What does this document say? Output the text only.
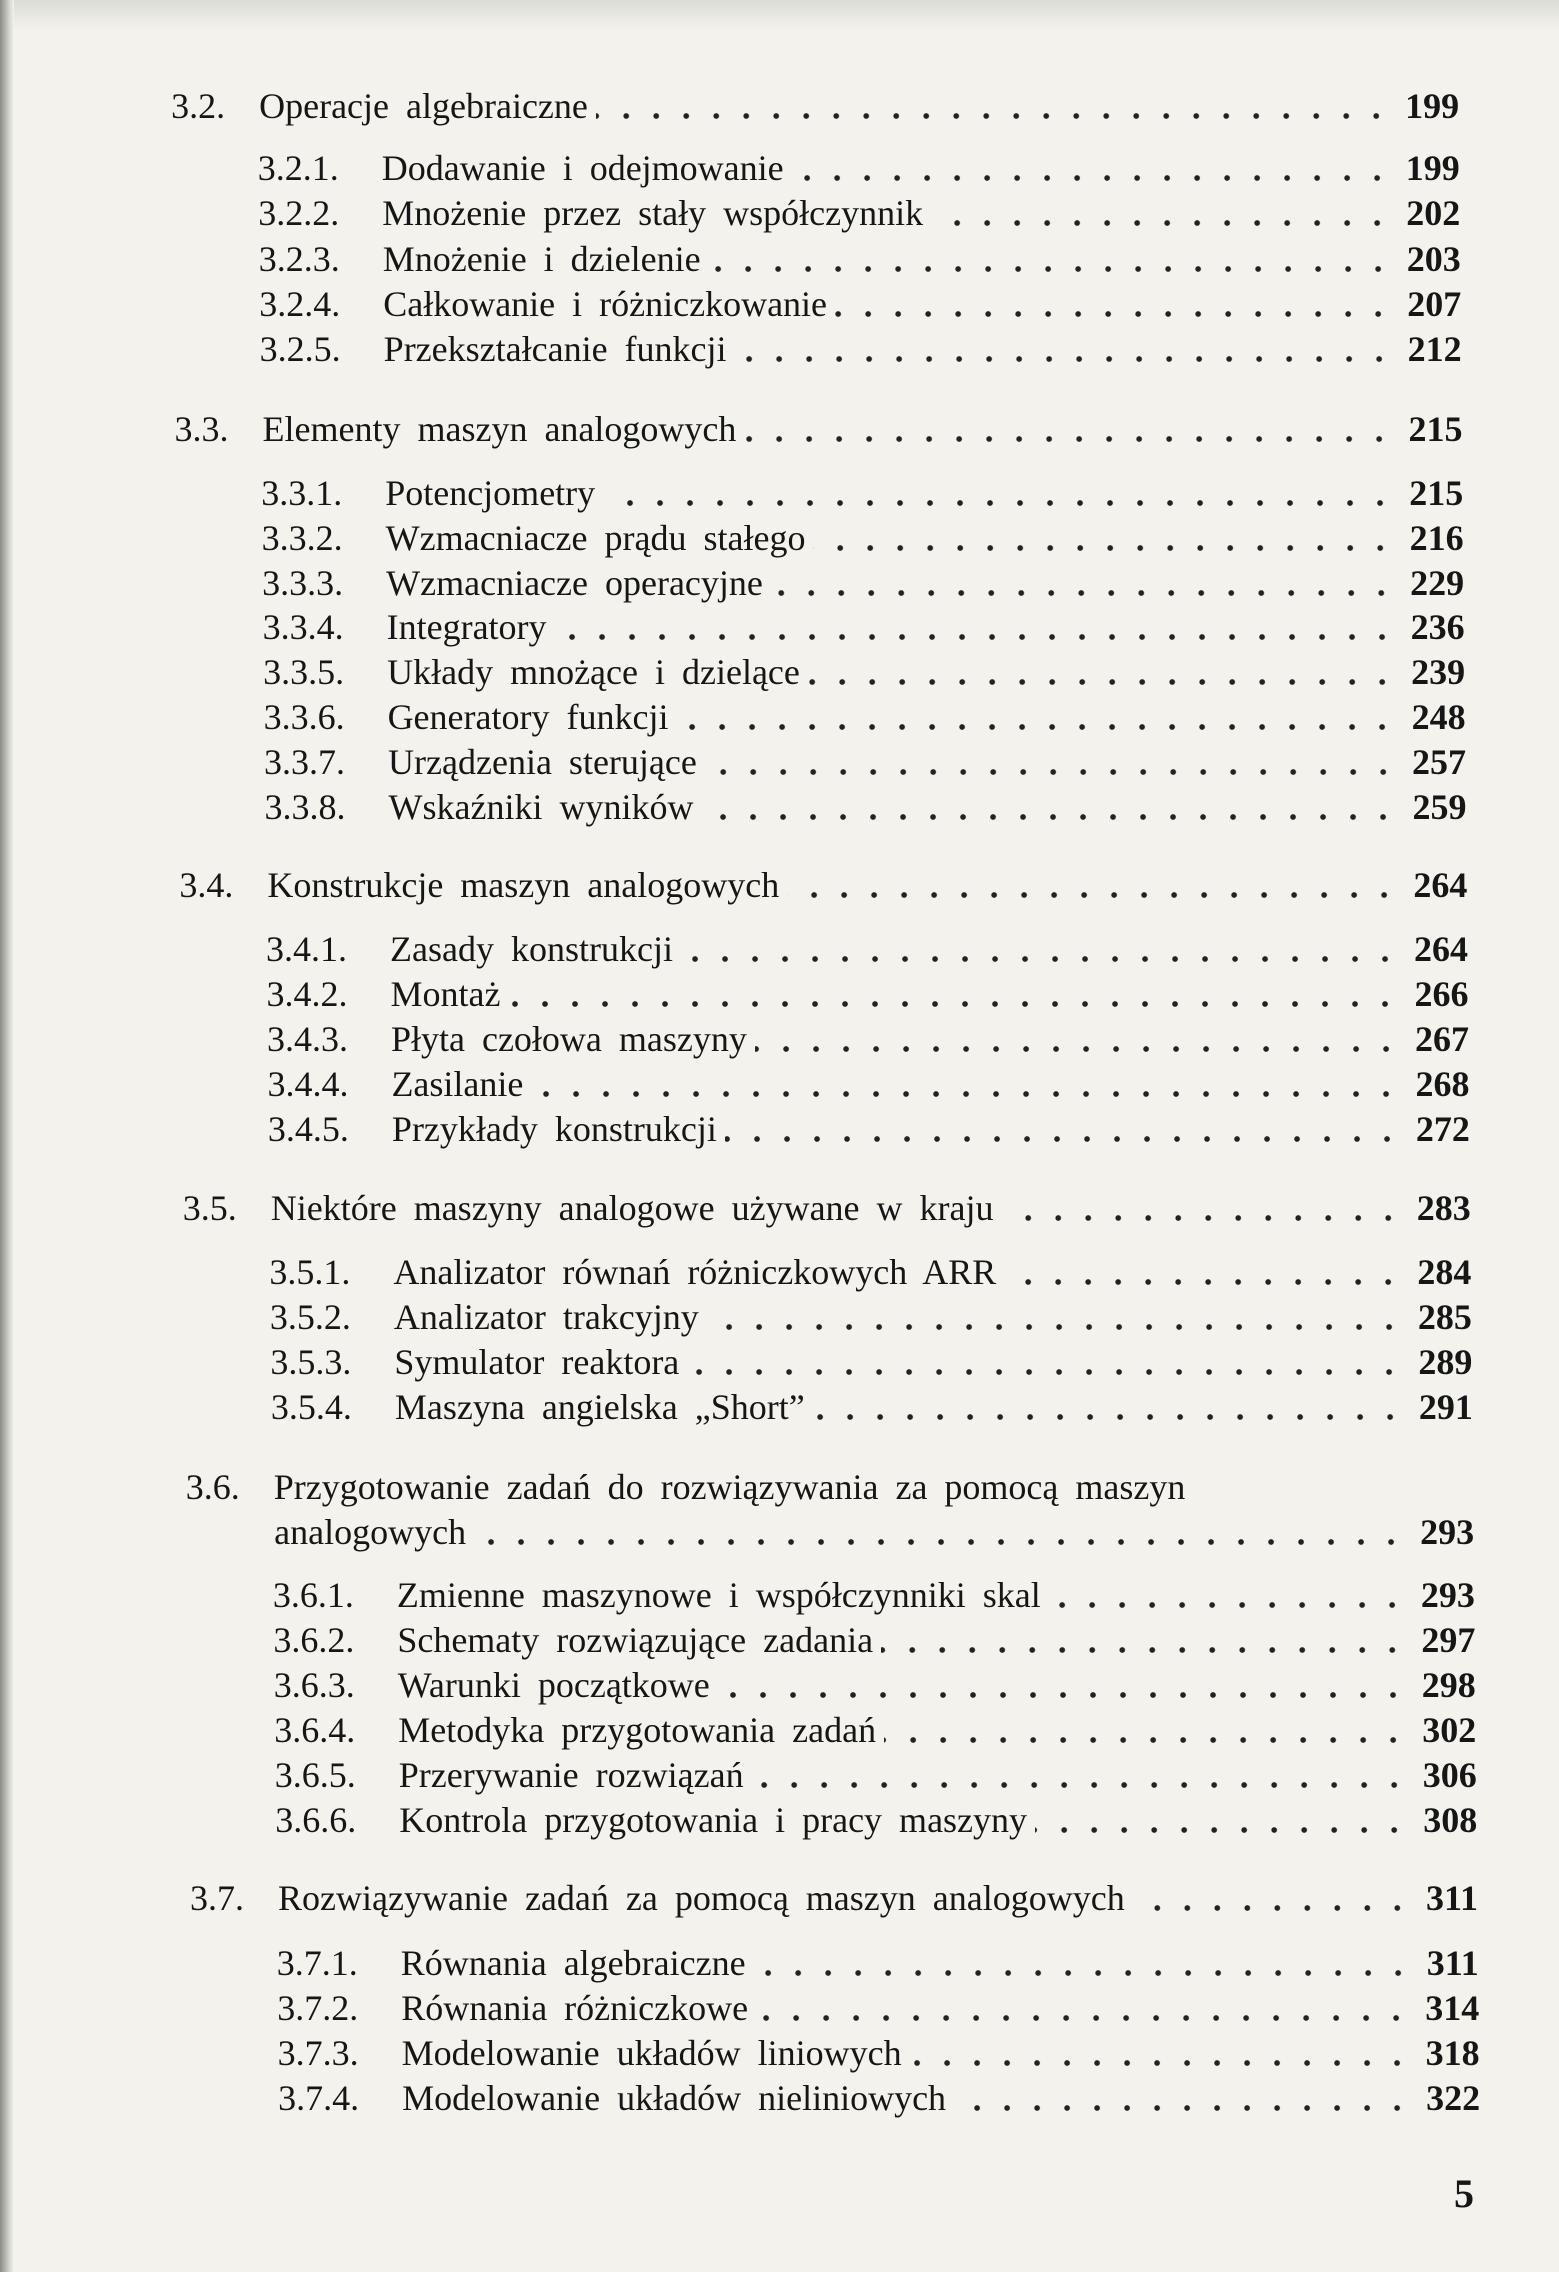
3.2. Operacje algebraiczne	199
3.2.1.	Dodawanie i odejmowanie	199
3.2.2.	Mnożenie przez stały współczynnik	202
3.2.3.	Mnożenie i dzielenie	203
3.2.4.	Całkowanie i różniczkowanie	207
3.2.5.	Przekształcanie funkcji	212
3.3. Elementy maszyn analogowych	215
3.3.1.	Potencjometry	215
3.3.2.	Wzmacniacze prądu stałego	216
3.3.3.	Wzmacniacze operacyjne	229
3.3.4.	Integratory	236
3.3.5.	Układy mnożące i dzielące	239
3.3.6.	Generatory funkcji	248
3.3.7.	Urządzenia sterujące	257
3.3.8.	Wskaźniki wyników	259
3.4. Konstrukcje maszyn analogowych	264
3.4.1.	Zasady konstrukcji	264
3.4.2.	Montaż	266
3.4.3.	Płyta czołowa maszyny	267
3.4.4.	Zasilanie	268
3.4.5.	Przykłady konstrukcji	272
3.5. Niektóre maszyny analogowe używane w kraju	283
3.5.1.	Analizator równań różniczkowych ARR	284
3.5.2.	Analizator trakcyjny	285
3.5.3.	Symulator reaktora	289
3.5.4.	Maszyna angielska „Short”	291
3.6. Przygotowanie zadań do rozwiązywania za pomocą maszyn
analogowych	293
3.6.1.	Zmienne maszynowe i współczynniki skal	293
3.6.2.	Schematy rozwiązujące zadania	297
3.6.3.	Warunki początkowe	298
3.6.4.	Metodyka przygotowania zadań	302
3.6.5.	Przerywanie rozwiązań	306
3.6.6.	Kontrola przygotowania i pracy maszyny	308
3.7. Rozwiązywanie zadań za pomocą maszyn analogowych	311
3.7.1.	Równania algebraiczne	311
3.7.2.	Równania różniczkowe	314
3.7.3.	Modelowanie układów liniowych	318
3.7.4.	Modelowanie układów nieliniowych	322
5
